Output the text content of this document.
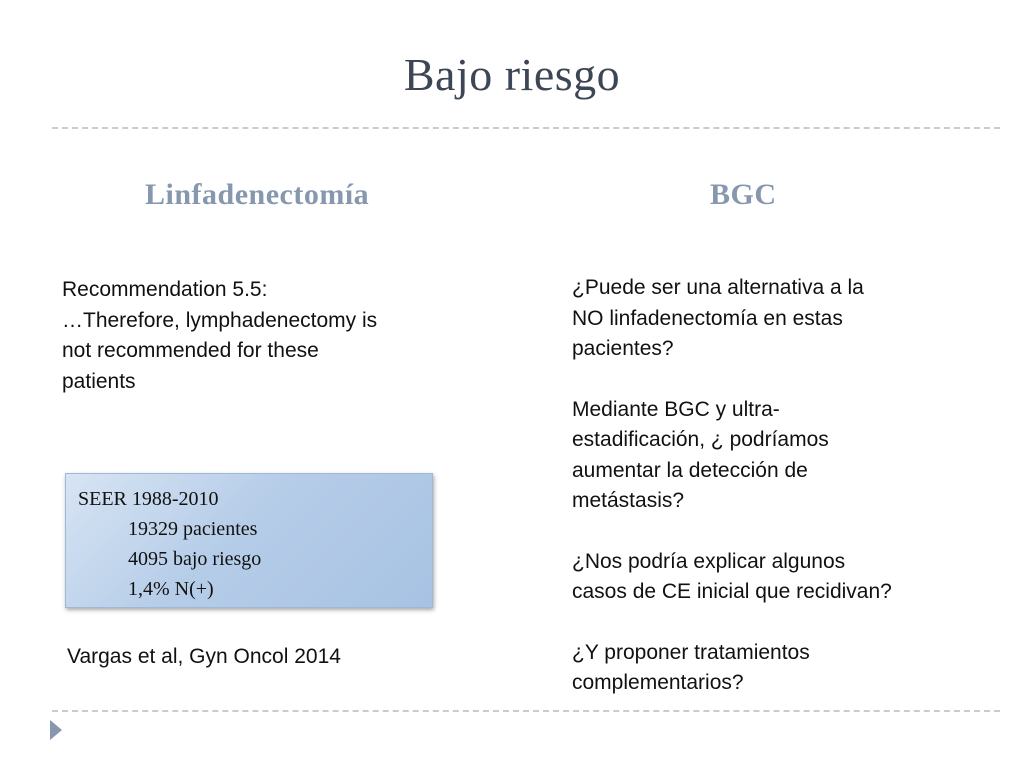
Bajo riesgo
Linfadenectomía	BGC
Recommendation 5.5:
…Therefore, lymphadenectomy is
not recommended for these
patients
SEER 1988-2010
19329 pacientes
4095 bajo riesgo
1,4% N(+)
Vargas et al, Gyn Oncol 2014

¿Puede ser una alternativa a la
NO linfadenectomía en estas
pacientes?

Mediante BGC y ultra-
estadificación, ¿ podríamos
aumentar la detección de
metástasis?

¿Nos podría explicar algunos
casos de CE inicial que recidivan?

¿Y proponer tratamientos
complementarios?
